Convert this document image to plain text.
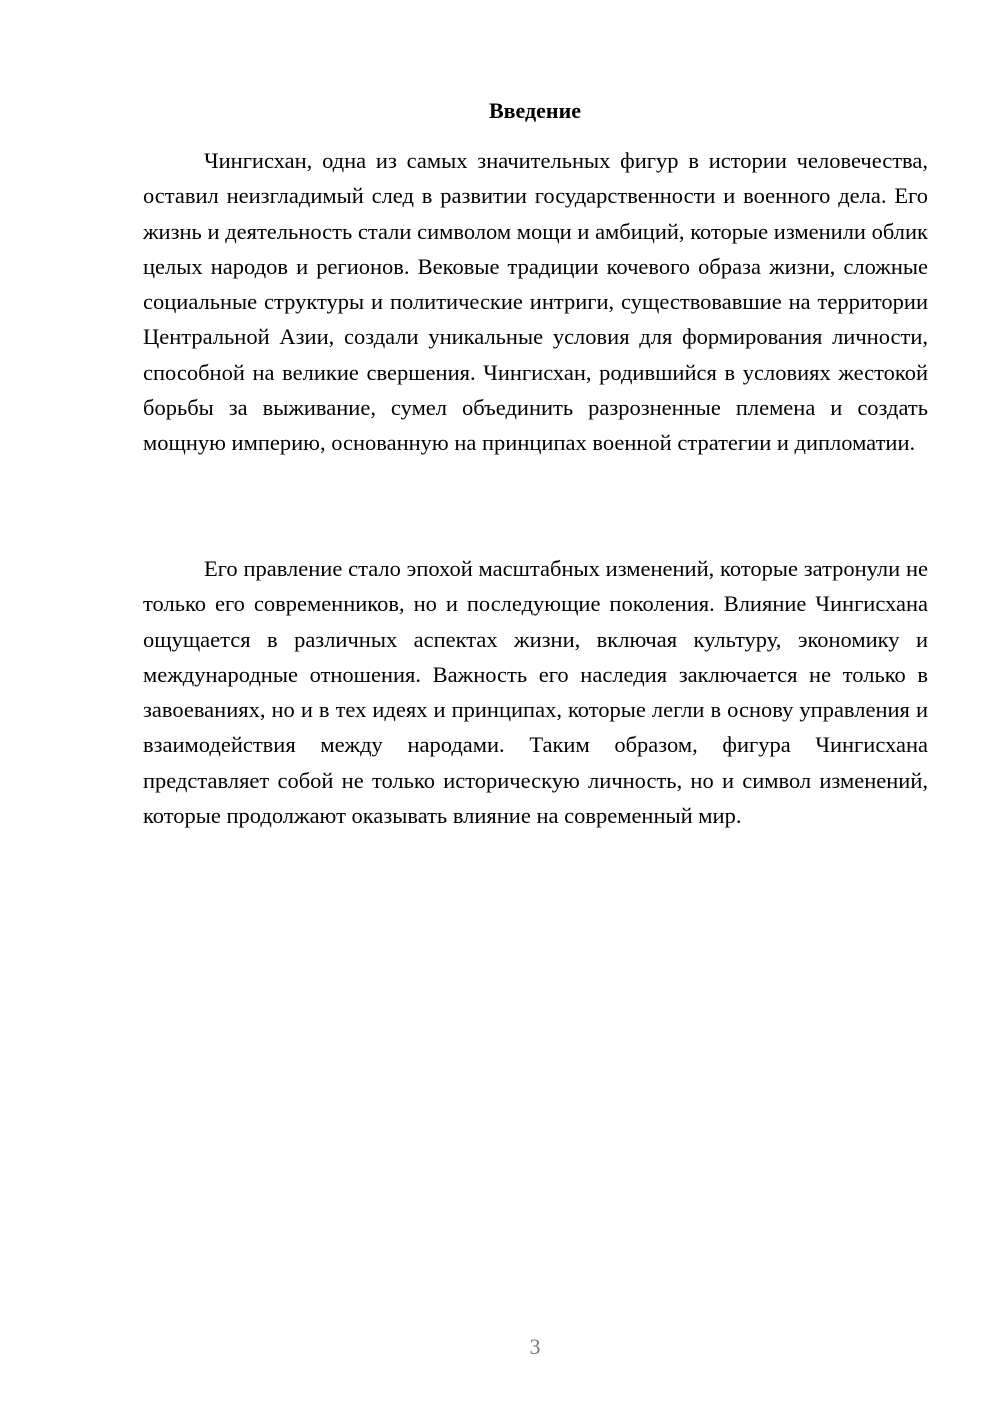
Введение

Чингисхан, одна из самых значительных фигур в истории человечества, оставил неизгладимый след в развитии государственности и военного дела. Его жизнь и деятельность стали символом мощи и амбиций, которые изменили облик целых народов и регионов. Вековые традиции кочевого образа жизни, сложные социальные структуры и политические интриги, существовавшие на территории Центральной Азии, создали уникальные условия для формирования личности, способной на великие свершения. Чингисхан, родившийся в условиях жестокой борьбы за выживание, сумел объединить разрозненные племена и создать мощную империю, основанную на принципах военной стратегии и дипломатии.

Его правление стало эпохой масштабных изменений, которые затронули не только его современников, но и последующие поколения. Влияние Чингисхана ощущается в различных аспектах жизни, включая культуру, экономику и международные отношения. Важность его наследия заключается не только в завоеваниях, но и в тех идеях и принципах, которые легли в основу управления и взаимодействия между народами. Таким образом, фигура Чингисхана представляет собой не только историческую личность, но и символ изменений, которые продолжают оказывать влияние на современный мир.

3
